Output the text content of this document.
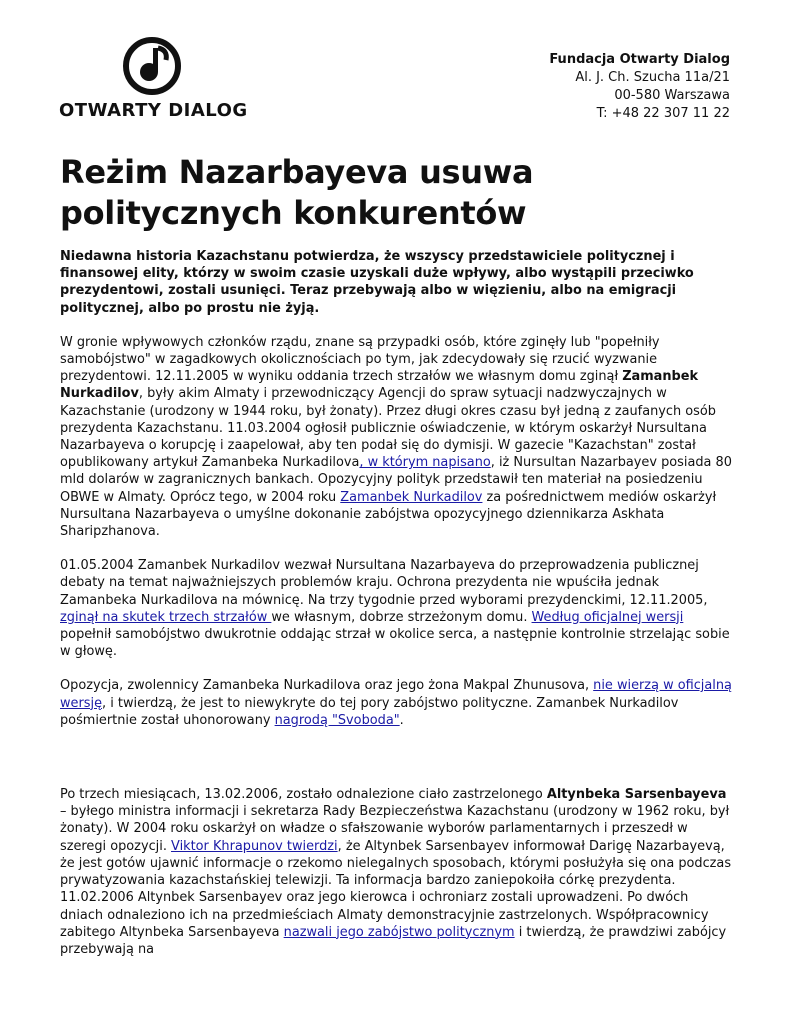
OTWARTY DIALOG
Fundacja Otwarty Dialog
Al. J. Ch. Szucha 11a/21
00-580 Warszawa
T: +48 22 307 11 22
Reżim Nazarbayeva usuwa politycznych konkurentów

Niedawna historia Kazachstanu potwierdza, że wszyscy przedstawiciele politycznej i finansowej elity, którzy w swoim czasie uzyskali duże wpływy, albo wystąpili przeciwko prezydentowi, zostali usunięci. Teraz przebywają albo w więzieniu, albo na emigracji politycznej, albo po prostu nie żyją.

W gronie wpływowych członków rządu, znane są przypadki osób, które zginęły lub "popełniły samobójstwo" w zagadkowych okolicznościach po tym, jak zdecydowały się rzucić wyzwanie prezydentowi. 12.11.2005 w wyniku oddania trzech strzałów we własnym domu zginął Zamanbek Nurkadilov, były akim Almaty i przewodniczący Agencji do spraw sytuacji nadzwyczajnych w Kazachstanie (urodzony w 1944 roku, był żonaty). Przez długi okres czasu był jedną z zaufanych osób prezydenta Kazachstanu. 11.03.2004 ogłosił publicznie oświadczenie, w którym oskarżył Nursultana Nazarbayeva o korupcję i zaapelował, aby ten podał się do dymisji. W gazecie "Kazachstan" został opublikowany artykuł Zamanbeka Nurkadilova, w którym napisano, iż Nursultan Nazarbayev posiada 80 mld dolarów w zagranicznych bankach. Opozycyjny polityk przedstawił ten materiał na posiedzeniu OBWE w Almaty. Oprócz tego, w 2004 roku Zamanbek Nurkadilov za pośrednictwem mediów oskarżył Nursultana Nazarbayeva o umyślne dokonanie zabójstwa opozycyjnego dziennikarza Askhata Sharipzhanova.

01.05.2004 Zamanbek Nurkadilov wezwał Nursultana Nazarbayeva do przeprowadzenia publicznej debaty na temat najważniejszych problemów kraju. Ochrona prezydenta nie wpuściła jednak Zamanbeka Nurkadilova na mównicę. Na trzy tygodnie przed wyborami prezydenckimi, 12.11.2005, zginął na skutek trzech strzałów we własnym, dobrze strzeżonym domu. Według oficjalnej wersji popełnił samobójstwo dwukrotnie oddając strzał w okolice serca, a następnie kontrolnie strzelając sobie w głowę.

Opozycja, zwolennicy Zamanbeka Nurkadilova oraz jego żona Makpal Zhunusova, nie wierzą w oficjalną wersję, i twierdzą, że jest to niewykryte do tej pory zabójstwo polityczne. Zamanbek Nurkadilov pośmiertnie został uhonorowany nagrodą "Svoboda".

Po trzech miesiącach, 13.02.2006, zostało odnalezione ciało zastrzelonego Altynbeka Sarsenbayeva – byłego ministra informacji i sekretarza Rady Bezpieczeństwa Kazachstanu (urodzony w 1962 roku, był żonaty). W 2004 roku oskarżył on władze o sfałszowanie wyborów parlamentarnych i przeszedł w szeregi opozycji. Viktor Khrapunov twierdzi, że Altynbek Sarsenbayev informował Darigę Nazarbayevą, że jest gotów ujawnić informacje o rzekomo nielegalnych sposobach, którymi posłużyła się ona podczas prywatyzowania kazachstańskiej telewizji. Ta informacja bardzo zaniepokoiła córkę prezydenta. 11.02.2006 Altynbek Sarsenbayev oraz jego kierowca i ochroniarz zostali uprowadzeni. Po dwóch dniach odnaleziono ich na przedmieściach Almaty demonstracyjnie zastrzelonych. Współpracownicy zabitego Altynbeka Sarsenbayeva nazwali jego zabójstwo politycznym i twierdzą, że prawdziwi zabójcy przebywają na
